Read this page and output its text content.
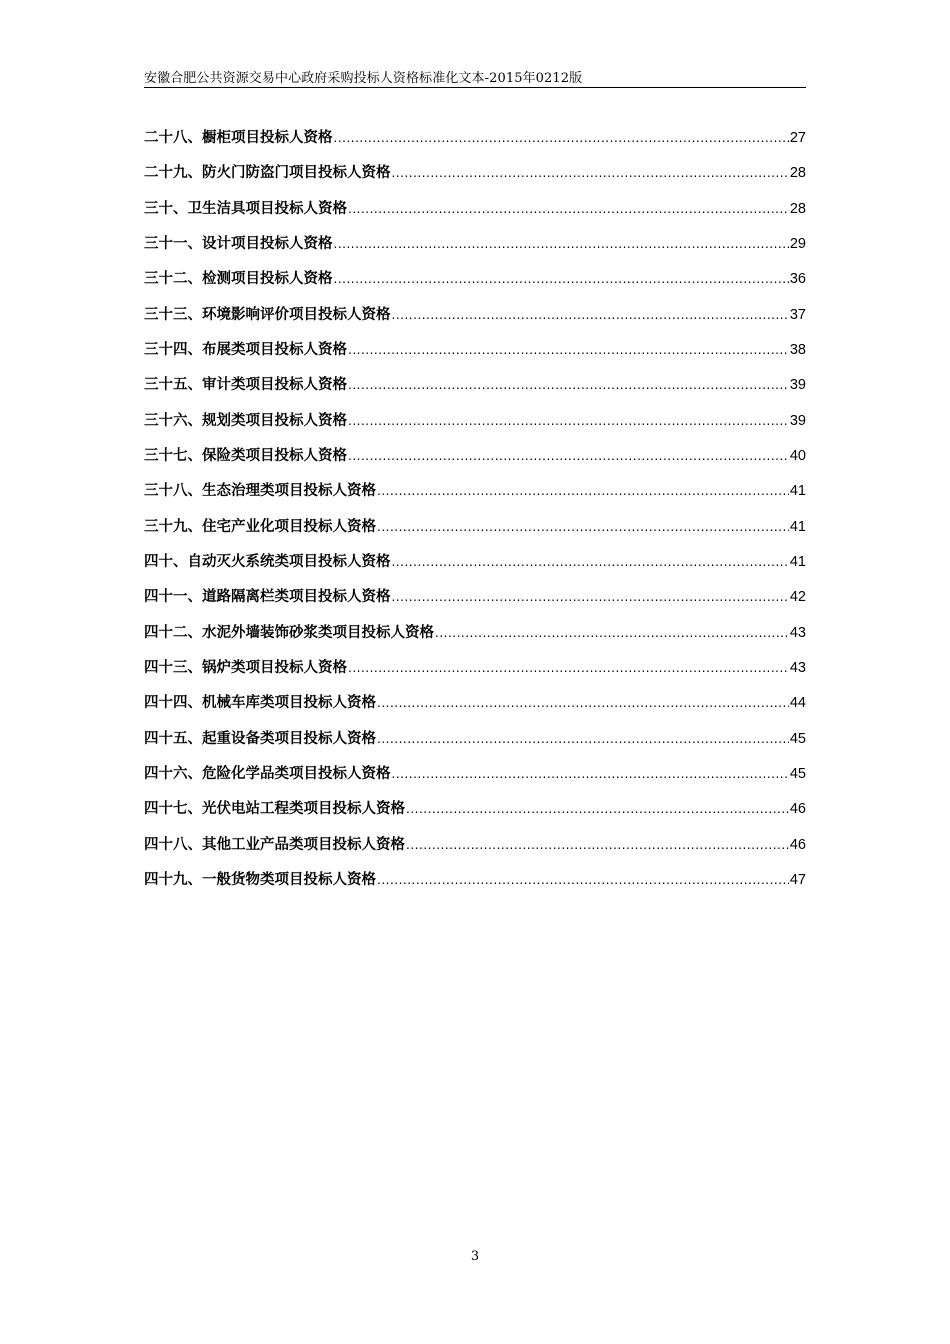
安徽合肥公共资源交易中心政府采购投标人资格标准化文本-2015年0212版
二十八、橱柜项目投标人资格 .....	27
二十九、防火门防盗门项目投标人资格 .....	28
三十、卫生洁具项目投标人资格 .....	28
三十一、设计项目投标人资格 .....	29
三十二、检测项目投标人资格 .....	36
三十三、环境影响评价项目投标人资格 .....	37
三十四、布展类项目投标人资格 .....	38
三十五、审计类项目投标人资格 .....	39
三十六、规划类项目投标人资格 .....	39
三十七、保险类项目投标人资格 .....	40
三十八、生态治理类项目投标人资格 .....	41
三十九、住宅产业化项目投标人资格 .....	41
四十、自动灭火系统类项目投标人资格 .....	41
四十一、道路隔离栏类项目投标人资格 .....	42
四十二、水泥外墙装饰砂浆类项目投标人资格 .....	43
四十三、锅炉类项目投标人资格 .....	43
四十四、机械车库类项目投标人资格 .....	44
四十五、起重设备类项目投标人资格 .....	45
四十六、危险化学品类项目投标人资格 .....	45
四十七、光伏电站工程类项目投标人资格 .....	46
四十八、其他工业产品类项目投标人资格 .....	46
四十九、一般货物类项目投标人资格 .....	47
3
